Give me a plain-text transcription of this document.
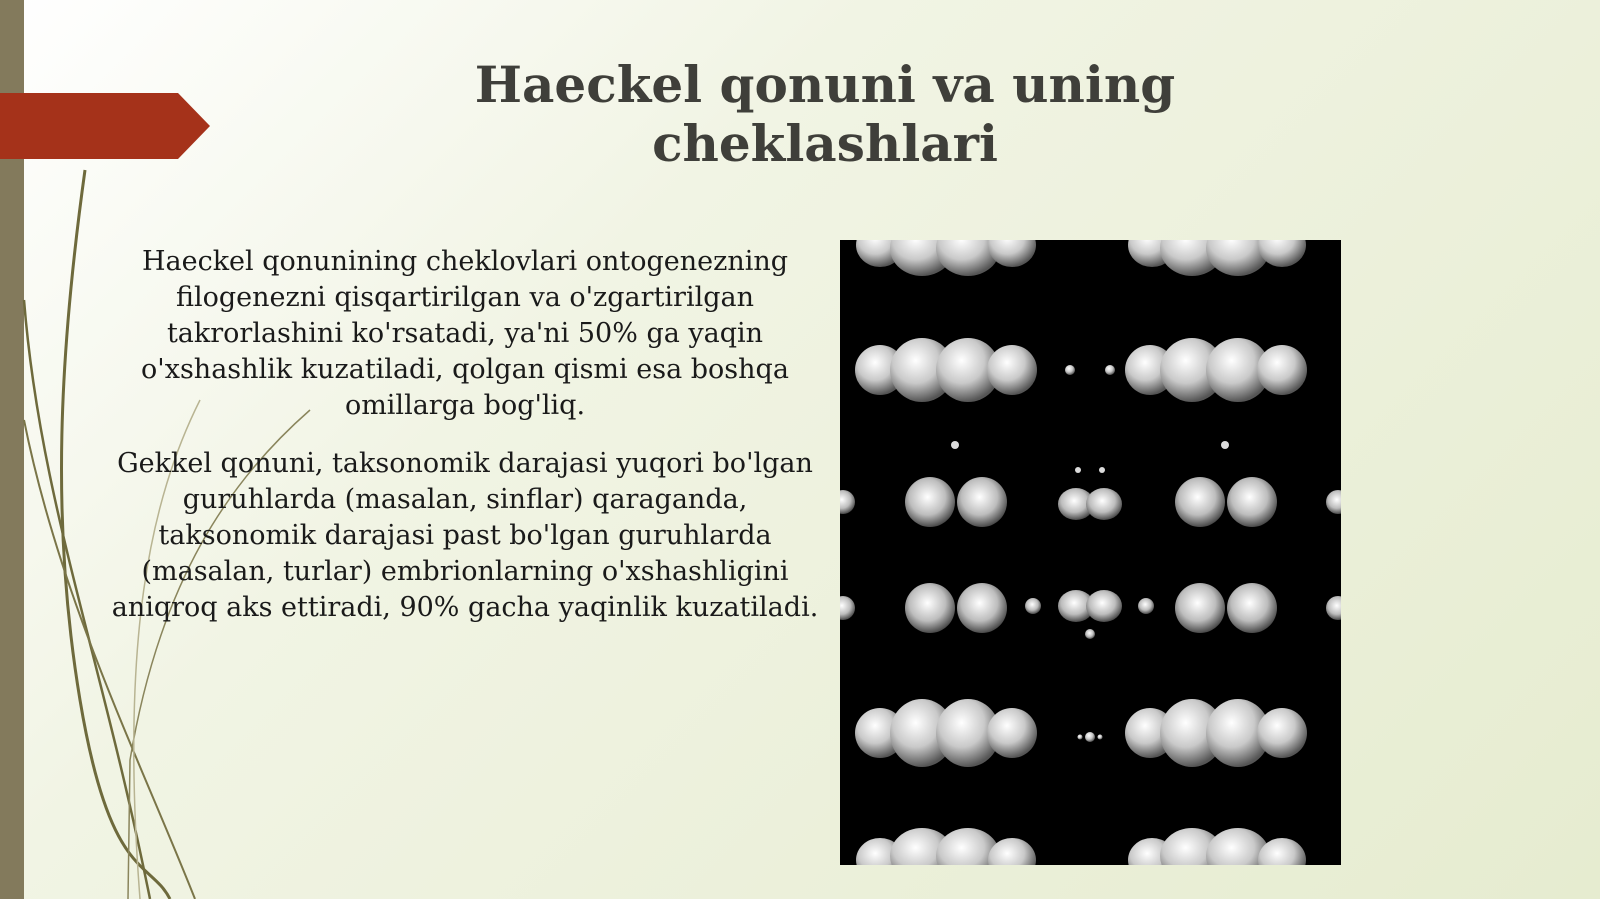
Haeckel qonuni va uning cheklashlari

Haeckel qonunining cheklovlari ontogenezning filogenezni qisqartirilgan va o'zgartirilgan takrorlashini ko'rsatadi, ya'ni 50% ga yaqin o'xshashlik kuzatiladi, qolgan qismi esa boshqa omillarga bog'liq.

Gekkel qonuni, taksonomik darajasi yuqori bo'lgan guruhlarda (masalan, sinflar) qaraganda, taksonomik darajasi past bo'lgan guruhlarda (masalan, turlar) embrionlarning o'xshashligini aniqroq aks ettiradi, 90% gacha yaqinlik kuzatiladi.
